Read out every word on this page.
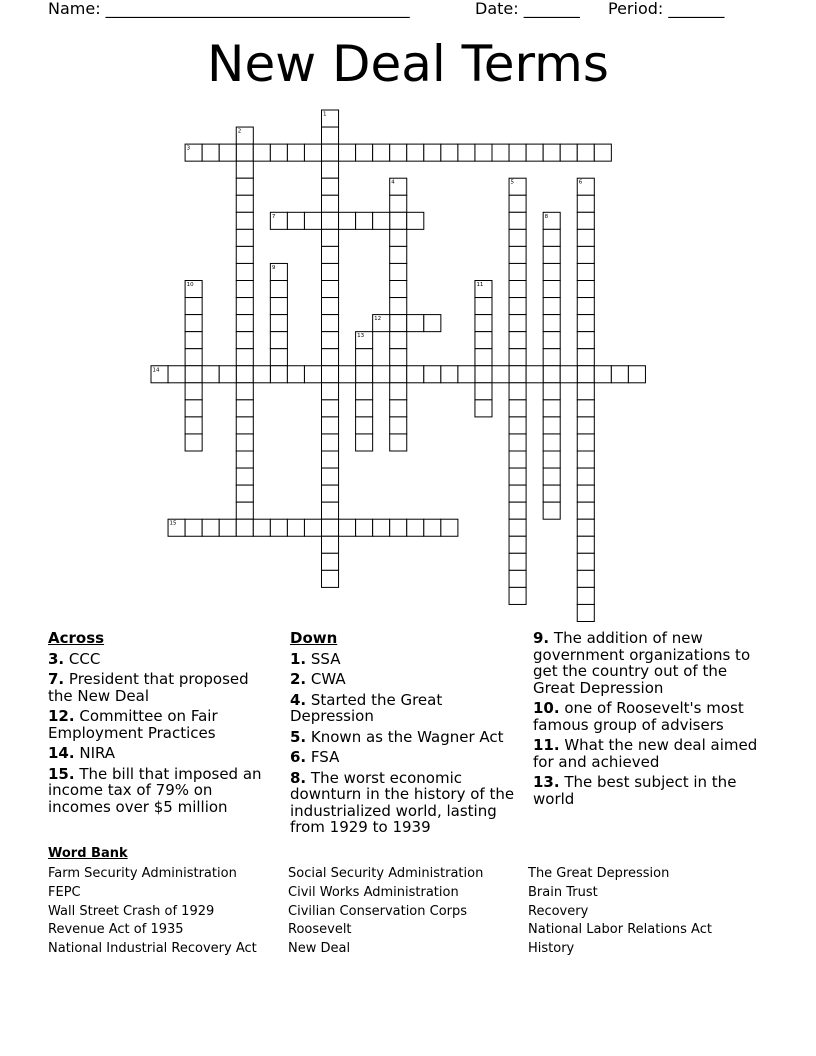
Name: ______________________________________	Date: _______ Period: _______
New Deal Terms
1
2
3
4	5	6
7	8
9
10	11
12
13
14
15
Across
3. CCC
7. President that proposed the New Deal
12. Committee on Fair Employment Practices
14. NIRA
15. The bill that imposed an income tax of 79% on incomes over $5 million
Down
1. SSA
2. CWA
4. Started the Great Depression
5. Known as the Wagner Act
6. FSA
8. The worst economic downturn in the history of the industrialized world, lasting from 1929 to 1939
9. The addition of new government organizations to get the country out of the Great Depression
10. one of Roosevelt's most famous group of advisers
11. What the new deal aimed for and achieved
13. The best subject in the world
Word Bank
Farm Security Administration
FEPC
Wall Street Crash of 1929
Revenue Act of 1935
National Industrial Recovery Act
Social Security Administration
Civil Works Administration
Civilian Conservation Corps
Roosevelt
New Deal
The Great Depression
Brain Trust
Recovery
National Labor Relations Act
History
